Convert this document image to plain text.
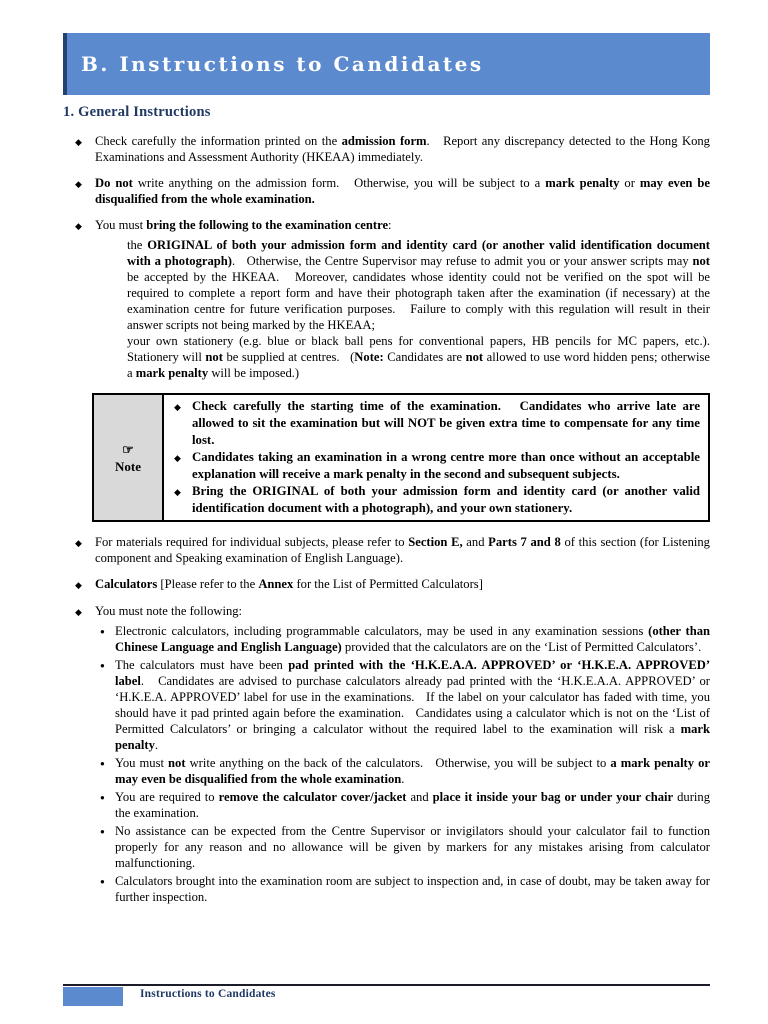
B. Instructions to Candidates
1. General Instructions
◆	Check carefully the information printed on the admission form.   Report any discrepancy detected to the Hong Kong Examinations and Assessment Authority (HKEAA) immediately.
◆	Do not write anything on the admission form.   Otherwise, you will be subject to a mark penalty or may even be disqualified from the whole examination.
◆	You must bring the following to the examination centre:
the ORIGINAL of both your admission form and identity card (or another valid identification document with a photograph).   Otherwise, the Centre Supervisor may refuse to admit you or your answer scripts may not be accepted by the HKEAA.   Moreover, candidates whose identity could not be verified on the spot will be required to complete a report form and have their photograph taken after the examination (if necessary) at the examination centre for future verification purposes.   Failure to comply with this regulation will result in their answer scripts not being marked by the HKEAA;
your own stationery (e.g. blue or black ball pens for conventional papers, HB pencils for MC papers, etc.).   Stationery will not be supplied at centres.   (Note: Candidates are not allowed to use word hidden pens; otherwise a mark penalty will be imposed.)
☞
Note
◆ Check carefully the starting time of the examination.   Candidates who arrive late are allowed to sit the examination but will NOT be given extra time to compensate for any time lost.
◆ Candidates taking an examination in a wrong centre more than once without an acceptable explanation will receive a mark penalty in the second and subsequent subjects.
◆ Bring the ORIGINAL of both your admission form and identity card (or another valid identification document with a photograph), and your own stationery.
◆	For materials required for individual subjects, please refer to Section E, and Parts 7 and 8 of this section (for Listening component and Speaking examination of English Language).
◆	Calculators [Please refer to the Annex for the List of Permitted Calculators]
◆	You must note the following:
● Electronic calculators, including programmable calculators, may be used in any examination sessions (other than Chinese Language and English Language) provided that the calculators are on the ‘List of Permitted Calculators’.
● The calculators must have been pad printed with the ‘H.K.E.A.A. APPROVED’ or ‘H.K.E.A. APPROVED’ label.   Candidates are advised to purchase calculators already pad printed with the ‘H.K.E.A.A. APPROVED’ or ‘H.K.E.A. APPROVED’ label for use in the examinations.   If the label on your calculator has faded with time, you should have it pad printed again before the examination.   Candidates using a calculator which is not on the ‘List of Permitted Calculators’ or bringing a calculator without the required label to the examination will risk a mark penalty.
● You must not write anything on the back of the calculators.   Otherwise, you will be subject to a mark penalty or may even be disqualified from the whole examination.
● You are required to remove the calculator cover/jacket and place it inside your bag or under your chair during the examination.
● No assistance can be expected from the Centre Supervisor or invigilators should your calculator fail to function properly for any reason and no allowance will be given by markers for any mistakes arising from calculator malfunctioning.
● Calculators brought into the examination room are subject to inspection and, in case of doubt, may be taken away for further inspection.
Instructions to Candidates
